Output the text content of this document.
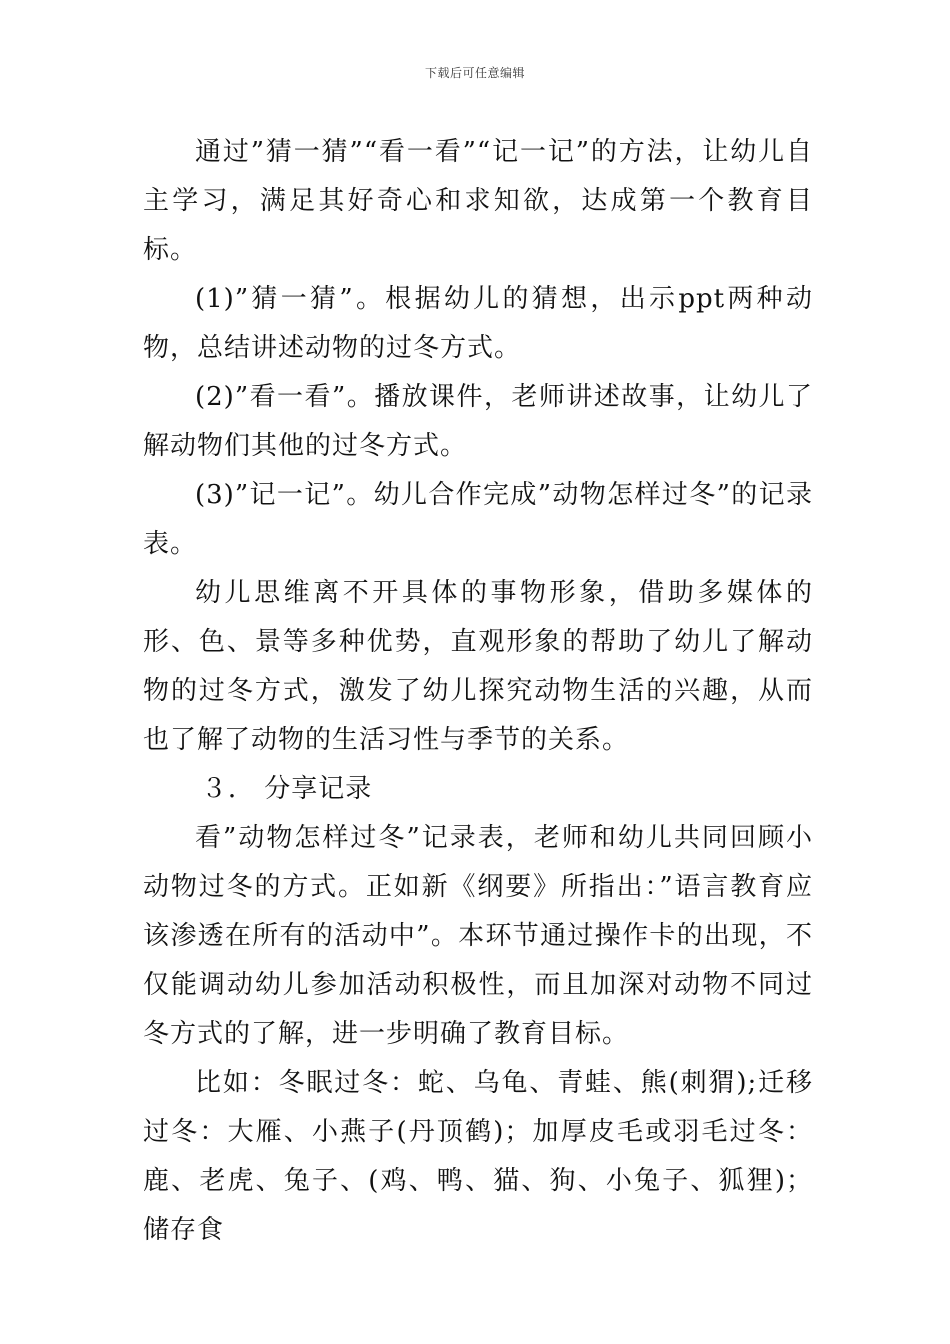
下载后可任意编辑

通过”猜一猜”“看一看”“记一记”的方法，让幼儿自主学习，满足其好奇心和求知欲，达成第一个教育目标。

(1)”猜一猜”。根据幼儿的猜想，出示ppt两种动物，总结讲述动物的过冬方式。

(2)”看一看”。播放课件，老师讲述故事，让幼儿了解动物们其他的过冬方式。

(3)”记一记”。幼儿合作完成”动物怎样过冬”的记录表。

幼儿思维离不开具体的事物形象，借助多媒体的形、色、景等多种优势，直观形象的帮助了幼儿了解动物的过冬方式，激发了幼儿探究动物生活的兴趣，从而也了解了动物的生活习性与季节的关系。

３． 分享记录

看”动物怎样过冬”记录表，老师和幼儿共同回顾小动物过冬的方式。正如新《纲要》所指出：”语言教育应该渗透在所有的活动中”。本环节通过操作卡的出现，不仅能调动幼儿参加活动积极性，而且加深对动物不同过冬方式的了解，进一步明确了教育目标。

比如：冬眠过冬：蛇、乌龟、青蛙、熊(刺猬);迁移过冬：大雁、小燕子(丹顶鹤)；加厚皮毛或羽毛过冬：鹿、老虎、兔子、(鸡、鸭、猫、狗、小兔子、狐狸)；储存食
